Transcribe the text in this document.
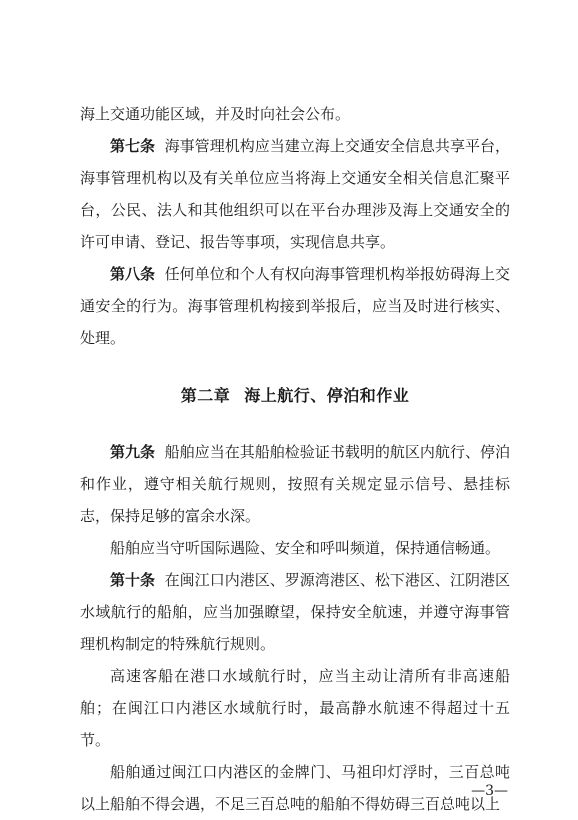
海上交通功能区域，并及时向社会公布。

第七条 海事管理机构应当建立海上交通安全信息共享平台，海事管理机构以及有关单位应当将海上交通安全相关信息汇聚平台，公民、法人和其他组织可以在平台办理涉及海上交通安全的许可申请、登记、报告等事项，实现信息共享。

第八条 任何单位和个人有权向海事管理机构举报妨碍海上交通安全的行为。海事管理机构接到举报后，应当及时进行核实、处理。

第二章 海上航行、停泊和作业

第九条 船舶应当在其船舶检验证书载明的航区内航行、停泊和作业，遵守相关航行规则，按照有关规定显示信号、悬挂标志，保持足够的富余水深。

船舶应当守听国际遇险、安全和呼叫频道，保持通信畅通。

第十条 在闽江口内港区、罗源湾港区、松下港区、江阴港区水域航行的船舶，应当加强瞭望，保持安全航速，并遵守海事管理机构制定的特殊航行规则。

高速客船在港口水域航行时，应当主动让清所有非高速船舶；在闽江口内港区水域航行时，最高静水航速不得超过十五节。

船舶通过闽江口内港区的金牌门、马祖印灯浮时，三百总吨以上船舶不得会遇，不足三百总吨的船舶不得妨碍三百总吨以上

—3—
